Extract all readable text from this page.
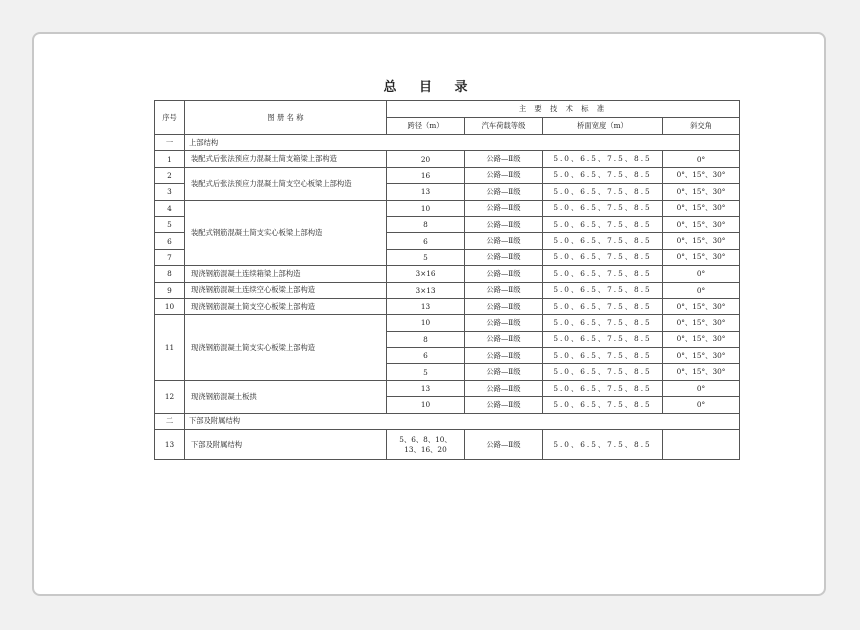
总 目 录
序号	图 册 名 称	主 要 技 术 标 准			
		跨径（m）	汽车荷载等级	桥面宽度（m）	斜交角
一	上部结构				
1	装配式后张法预应力混凝土简支箱梁上部构造	20	公路—Ⅱ级	5.0、6.5、7.5、8.5	0°
2	装配式后张法预应力混凝土简支空心板梁上部构造	16	公路—Ⅱ级	5.0、6.5、7.5、8.5	0°、15°、30°
3		13	公路—Ⅱ级	5.0、6.5、7.5、8.5	0°、15°、30°
4	装配式钢筋混凝土简支实心板梁上部构造	10	公路—Ⅱ级	5.0、6.5、7.5、8.5	0°、15°、30°
5		8	公路—Ⅱ级	5.0、6.5、7.5、8.5	0°、15°、30°
6		6	公路—Ⅱ级	5.0、6.5、7.5、8.5	0°、15°、30°
7		5	公路—Ⅱ级	5.0、6.5、7.5、8.5	0°、15°、30°
8	现浇钢筋混凝土连续箱梁上部构造	3×16	公路—Ⅱ级	5.0、6.5、7.5、8.5	0°
9	现浇钢筋混凝土连续空心板梁上部构造	3×13	公路—Ⅱ级	5.0、6.5、7.5、8.5	0°
10	现浇钢筋混凝土简支空心板梁上部构造	13	公路—Ⅱ级	5.0、6.5、7.5、8.5	0°、15°、30°
11	现浇钢筋混凝土简支实心板梁上部构造	10	公路—Ⅱ级	5.0、6.5、7.5、8.5	0°、15°、30°
		8	公路—Ⅱ级	5.0、6.5、7.5、8.5	0°、15°、30°
		6	公路—Ⅱ级	5.0、6.5、7.5、8.5	0°、15°、30°
		5	公路—Ⅱ级	5.0、6.5、7.5、8.5	0°、15°、30°
12	现浇钢筋混凝土板拱	13	公路—Ⅱ级	5.0、6.5、7.5、8.5	0°
		10	公路—Ⅱ级	5.0、6.5、7.5、8.5	0°
二	下部及附属结构				
13	下部及附属结构	5、6、8、10、
13、16、20	公路—Ⅱ级	5.0、6.5、7.5、8.5	
